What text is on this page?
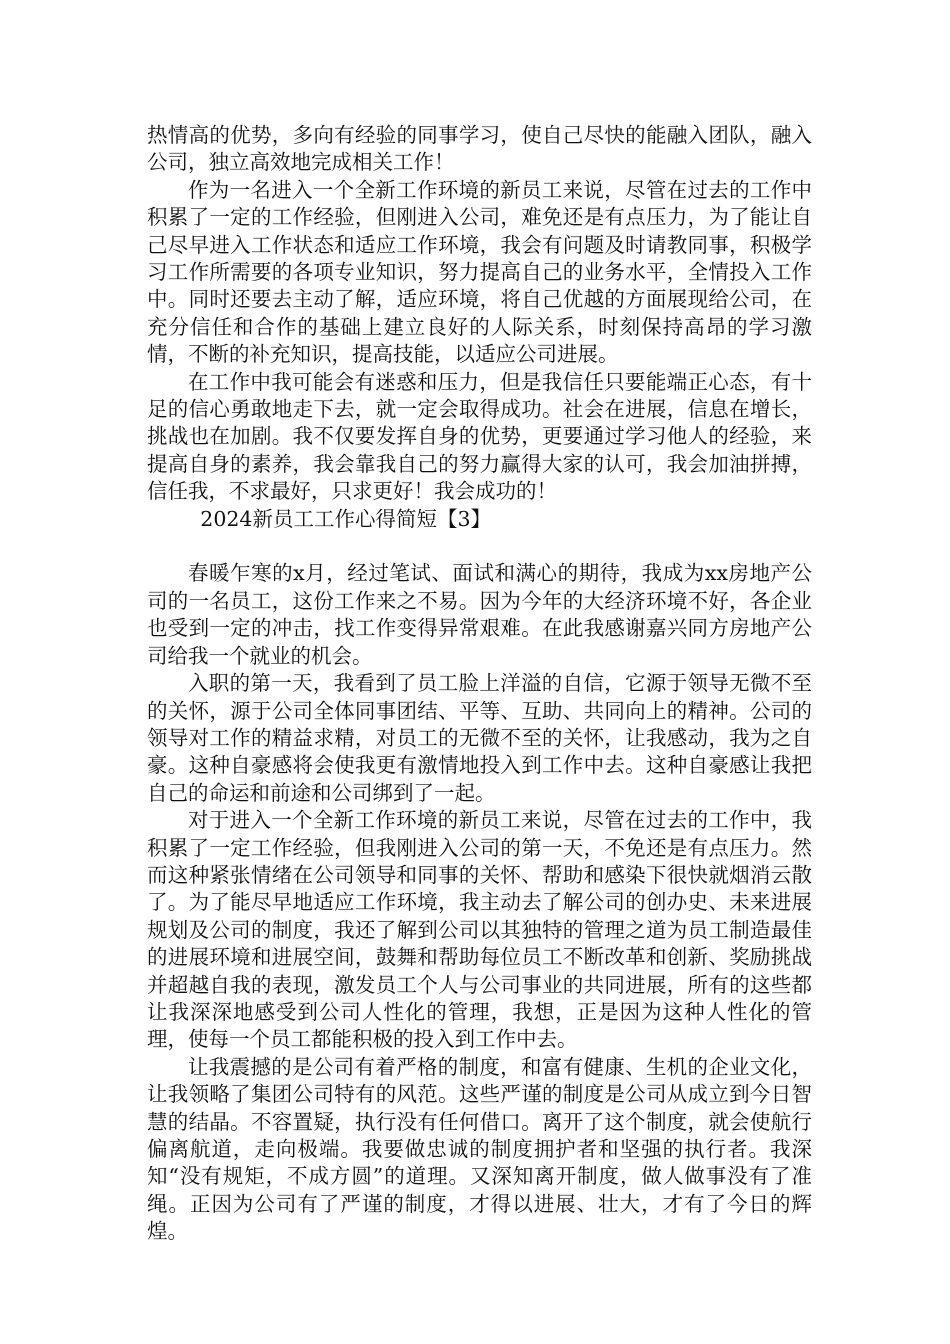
热情高的优势，多向有经验的同事学习，使自己尽快的能融入团队，融入公司，独立高效地完成相关工作！

作为一名进入一个全新工作环境的新员工来说，尽管在过去的工作中积累了一定的工作经验，但刚进入公司，难免还是有点压力，为了能让自己尽早进入工作状态和适应工作环境，我会有问题及时请教同事，积极学习工作所需要的各项专业知识，努力提高自己的业务水平，全情投入工作中。同时还要去主动了解，适应环境，将自己优越的方面展现给公司，在充分信任和合作的基础上建立良好的人际关系，时刻保持高昂的学习激情，不断的补充知识，提高技能，以适应公司进展。

在工作中我可能会有迷惑和压力，但是我信任只要能端正心态，有十足的信心勇敢地走下去，就一定会取得成功。社会在进展，信息在增长，挑战也在加剧。我不仅要发挥自身的优势，更要通过学习他人的经验，来提高自身的素养，我会靠我自己的努力赢得大家的认可，我会加油拼搏，信任我，不求最好，只求更好！我会成功的！

2024新员工工作心得简短【3】

春暖乍寒的x月，经过笔试、面试和满心的期待，我成为xx房地产公司的一名员工，这份工作来之不易。因为今年的大经济环境不好，各企业也受到一定的冲击，找工作变得异常艰难。在此我感谢嘉兴同方房地产公司给我一个就业的机会。

入职的第一天，我看到了员工脸上洋溢的自信，它源于领导无微不至的关怀，源于公司全体同事团结、平等、互助、共同向上的精神。公司的领导对工作的精益求精，对员工的无微不至的关怀，让我感动，我为之自豪。这种自豪感将会使我更有激情地投入到工作中去。这种自豪感让我把自己的命运和前途和公司绑到了一起。

对于进入一个全新工作环境的新员工来说，尽管在过去的工作中，我积累了一定工作经验，但我刚进入公司的第一天，不免还是有点压力。然而这种紧张情绪在公司领导和同事的关怀、帮助和感染下很快就烟消云散了。为了能尽早地适应工作环境，我主动去了解公司的创办史、未来进展规划及公司的制度，我还了解到公司以其独特的管理之道为员工制造最佳的进展环境和进展空间，鼓舞和帮助每位员工不断改革和创新、奖励挑战并超越自我的表现，激发员工个人与公司事业的共同进展，所有的这些都让我深深地感受到公司人性化的管理，我想，正是因为这种人性化的管理，使每一个员工都能积极的投入到工作中去。

让我震撼的是公司有着严格的制度，和富有健康、生机的企业文化，让我领略了集团公司特有的风范。这些严谨的制度是公司从成立到今日智慧的结晶。不容置疑，执行没有任何借口。离开了这个制度，就会使航行偏离航道，走向极端。我要做忠诚的制度拥护者和坚强的执行者。我深知“没有规矩，不成方圆”的道理。又深知离开制度，做人做事没有了准绳。正因为公司有了严谨的制度，才得以进展、壮大，才有了今日的辉煌。
